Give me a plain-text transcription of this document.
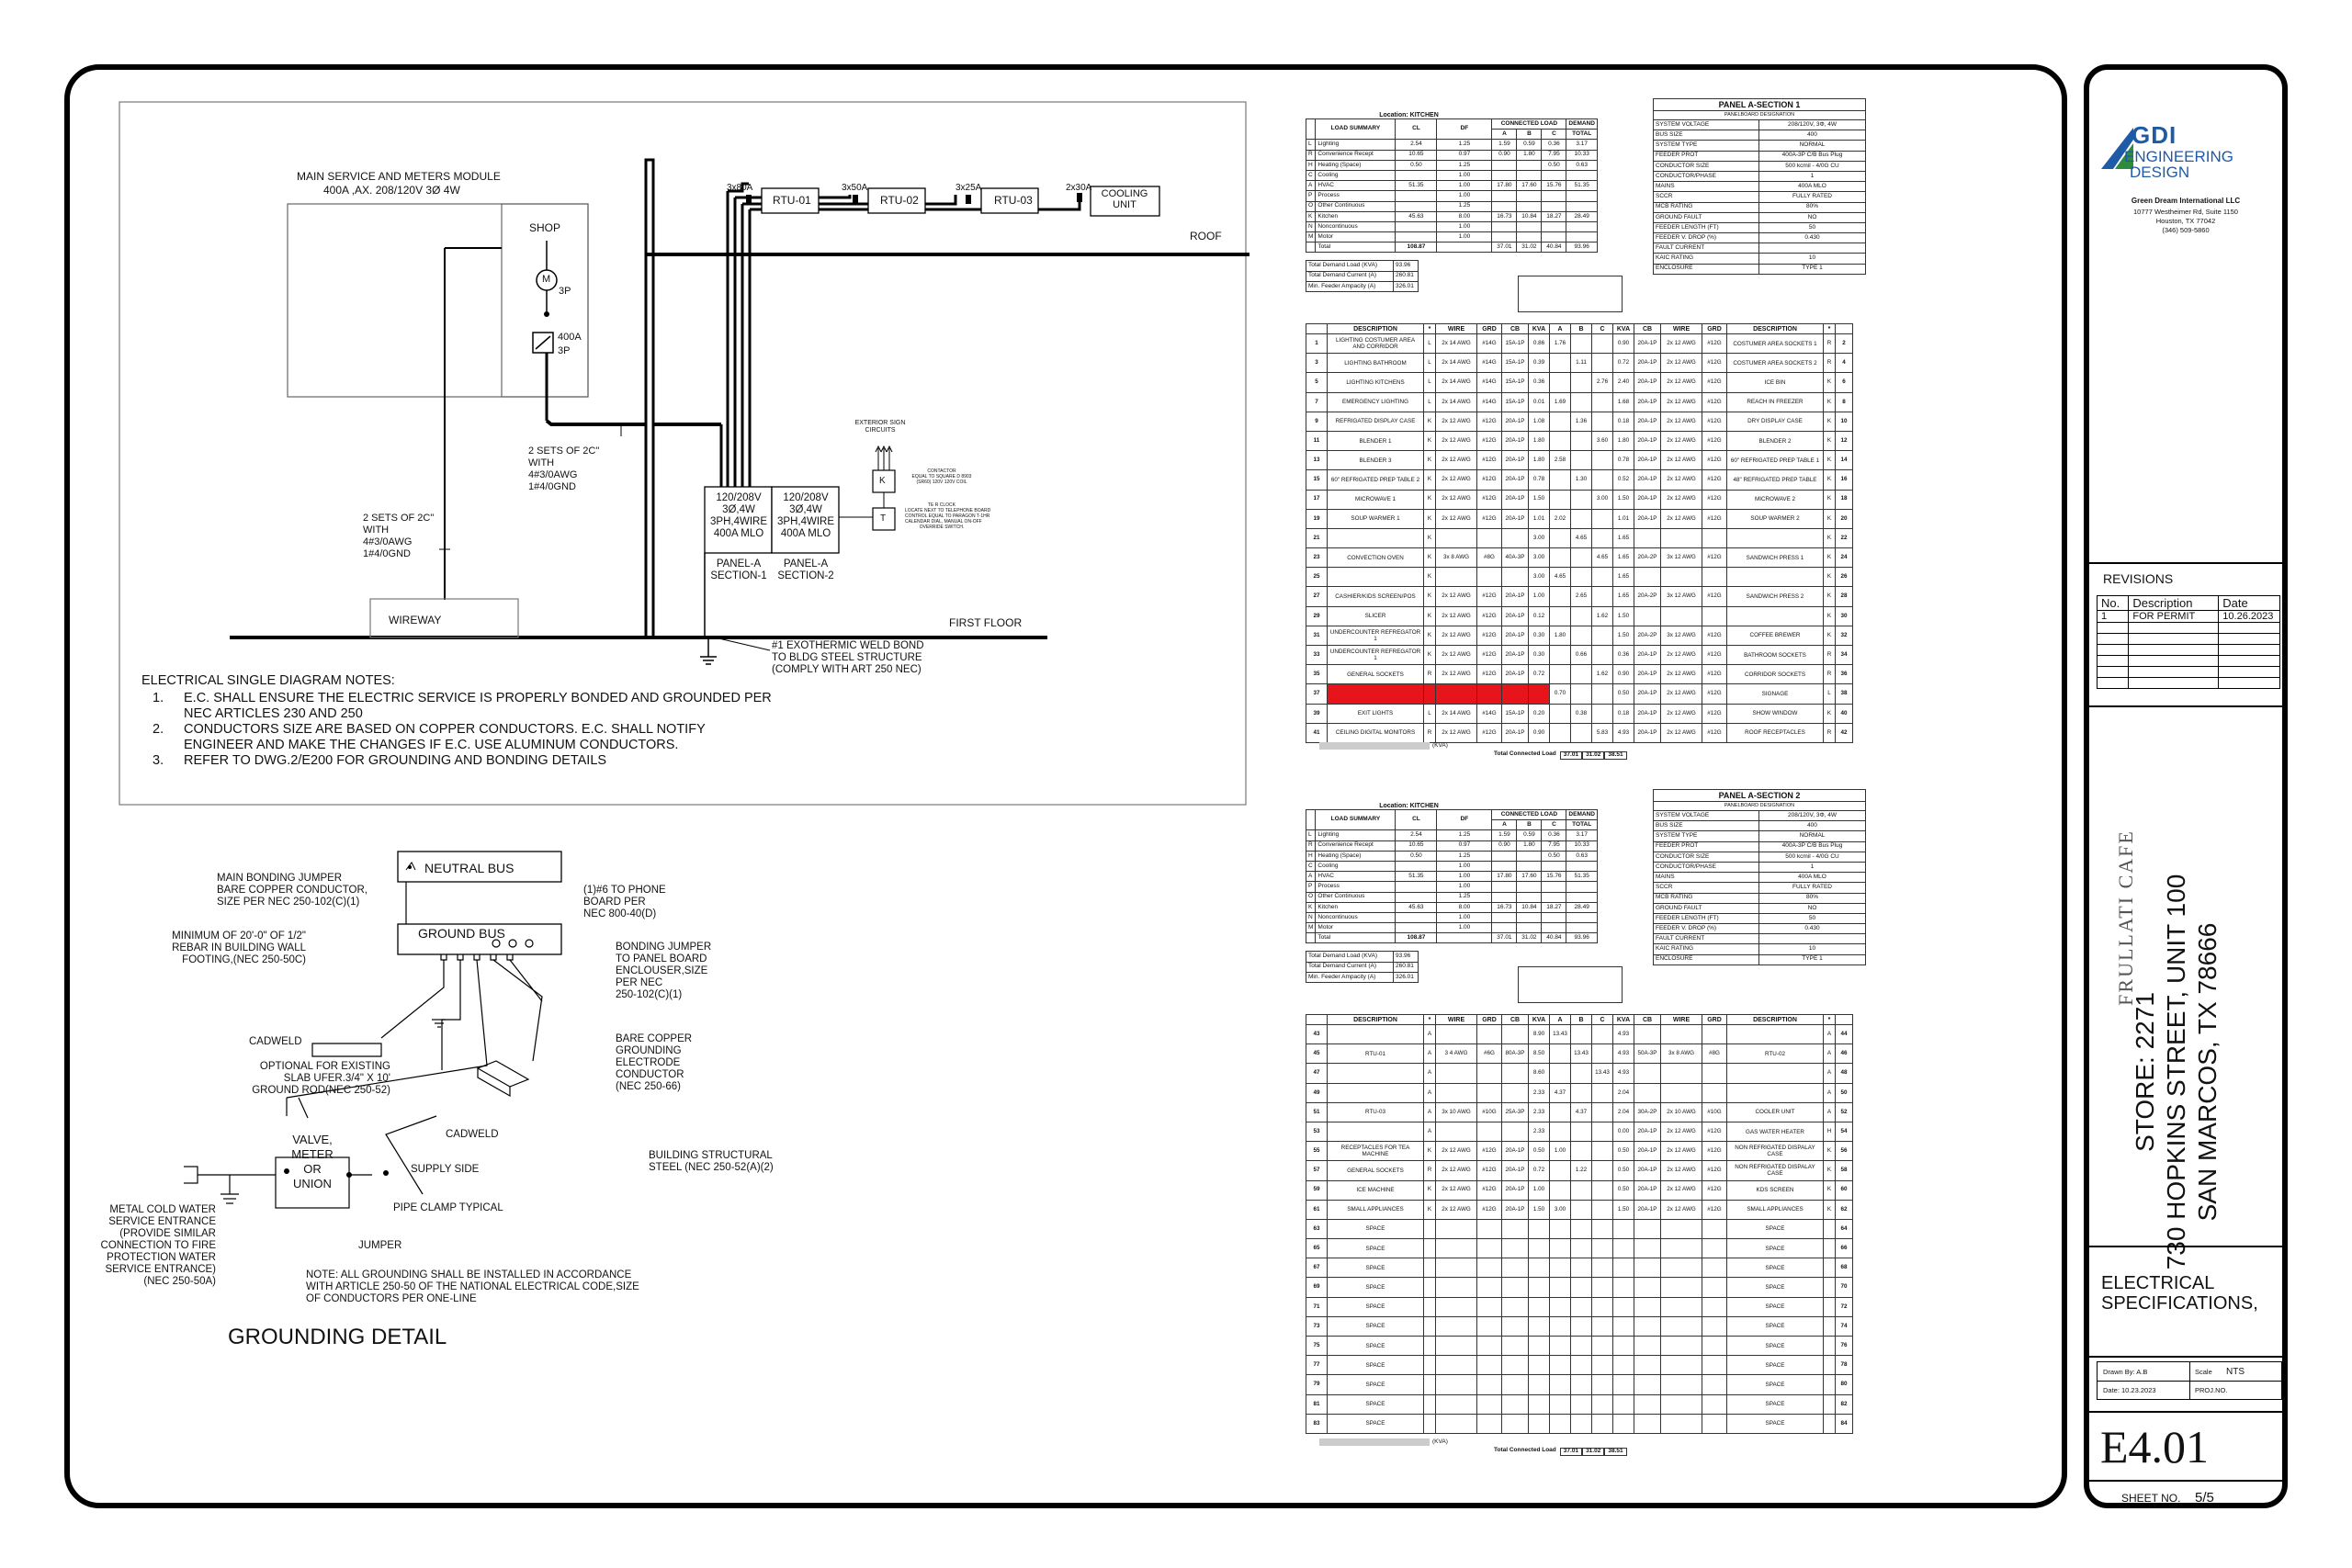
MAIN SERVICE AND METERS MODULE
400A ,AX. 208/120V 3Ø 4W
SHOP
M
3P
400A
3P
ROOF
FIRST FLOOR
WIREWAY
3x80A
RTU-01
3x50A
RTU-02
3x25A
RTU-03
2x30A
COOLING UNIT
2 SETS OF 2C"
WITH
4#3/0AWG
1#4/0GND
2 SETS OF 2C"
WITH
4#3/0AWG
1#4/0GND
120/208V
3Ø,4W
3PH,4WIRE
400A MLO
120/208V
3Ø,4W
3PH,4WIRE
400A MLO
PANEL-A
SECTION-1
PANEL-A
SECTION-2
EXTERIOR SIGN
CIRCUITS
K
T
CONTACTOR
EQUAL TO SQUARE D 8903
(SR60) 120V 120V COIL
TE R CLOCK
LOCATE NEXT TO TELEPHONE BOARD
CONTROL EQUAL TO PARAGON T-1HR
CALENDAR DIAL, MANUAL ON-OFF
OVERRIDE SWITCH.
#1 EXOTHERMIC WELD BOND
TO BLDG STEEL STRUCTURE
(COMPLY WITH ART 250 NEC)
ELECTRICAL SINGLE DIAGRAM NOTES:
1.	E.C. SHALL ENSURE THE ELECTRIC SERVICE IS PROPERLY BONDED AND GROUNDED PER
NEC ARTICLES 230 AND 250
2.	CONDUCTORS SIZE ARE BASED ON COPPER CONDUCTORS. E.C. SHALL NOTIFY
ENGINEER AND MAKE THE CHANGES IF E.C. USE ALUMINUM CONDUCTORS.
3.	REFER TO DWG.2/E200 FOR GROUNDING AND BONDING DETAILS
NEUTRAL BUS
GROUND BUS
MAIN BONDING JUMPER
BARE COPPER CONDUCTOR,
SIZE PER NEC 250-102(C)(1)
(1)#6 TO PHONE
BOARD PER
NEC 800-40(D)
MINIMUM OF 20'-0" OF 1/2"
REBAR IN BUILDING WALL
FOOTING,(NEC 250-50C)
BONDING JUMPER
TO PANEL BOARD
ENCLOUSER,SIZE
PER NEC
250-102(C)(1)
CADWELD
OPTIONAL FOR EXISTING
SLAB UFER.3/4" X 10'
GROUND ROD(NEC 250-52)
BARE COPPER
GROUNDING
ELECTRODE
CONDUCTOR
(NEC 250-66)
CADWELD
VALVE,
METER
OR
UNION
SUPPLY SIDE
BUILDING STRUCTURAL
STEEL (NEC 250-52(A)(2)
PIPE CLAMP TYPICAL
METAL COLD WATER
SERVICE ENTRANCE
(PROVIDE SIMILAR
CONNECTION TO FIRE
PROTECTION WATER
SERVICE ENTRANCE)
(NEC 250-50A)
JUMPER
NOTE: ALL GROUNDING SHALL BE INSTALLED IN ACCORDANCE
WITH ARTICLE 250-50 OF THE NATIONAL ELECTRICAL CODE,SIZE
OF CONDUCTORS PER ONE-LINE
GROUNDING DETAIL
Location: KITCHEN
	LOAD SUMMARY	CL	DF	CONNECTED LOAD			DEMAND
				A	B	C	TOTAL
L	Lighting	2.54	1.25	1.59	0.59	0.36	3.17
R	Convenience Recept	10.65	0.97	0.90	1.80	7.95	10.33
H	Heating (Space)	0.50	1.25			0.50	0.63
C	Cooling		1.00				
A	HVAC	51.35	1.00	17.80	17.60	15.76	51.35
P	Process		1.00				
O	Other Continuous		1.25				
K	Kitchen	45.63	8.00	16.73	10.84	18.27	28.49
N	Noncontinuous		1.00				
M	Motor		1.00				
	Total	108.87		37.01	31.02	40.84	93.96
Total Demand Load (KVA)	93.96
Total Demand Current (A)	260.81
Min. Feeder Ampacity (A)	326.01
PANEL A-SECTION 1	
PANELBOARD DESIGNATION	
SYSTEM VOLTAGE	208/120V, 3Φ, 4W
BUS SIZE	400
SYSTEM TYPE	NORMAL
FEEDER PROT	400A-3P C/B Bus Plug
CONDUCTOR SIZE	500 kcmil - 4/0G CU
CONDUCTOR/PHASE	1
MAINS	400A MLO
SCCR	FULLY RATED
MCB RATING	80%
GROUND FAULT	NO
FEEDER LENGTH (FT)	50
FEEDER V. DROP (%)	0.430
FAULT CURRENT	
KAIC RATING	10
ENCLOSURE	TYPE 1
	DESCRIPTION	*	WIRE	GRD	CB	KVA	A	B	C	KVA	CB	WIRE	GRD	DESCRIPTION	*	
1	LIGHTING COSTUMER AREA AND CORRIDOR	L	2x 14 AWG	#14G	15A-1P	0.86	1.76			0.90	20A-1P	2x 12 AWG	#12G	COSTUMER AREA SOCKETS 1	R	2
3	LIGHTING BATHROOM	L	2x 14 AWG	#14G	15A-1P	0.39		1.11		0.72	20A-1P	2x 12 AWG	#12G	COSTUMER AREA SOCKETS 2	R	4
5	LIGHTING KITCHENS	L	2x 14 AWG	#14G	15A-1P	0.36			2.76	2.40	20A-1P	2x 12 AWG	#12G	ICE BIN	K	6
7	EMERGENCY LIGHTING	L	2x 14 AWG	#14G	15A-1P	0.01	1.69			1.68	20A-1P	2x 12 AWG	#12G	REACH IN FREEZER	K	8
9	REFRIGATED DISPLAY CASE	K	2x 12 AWG	#12G	20A-1P	1.08		1.36		0.18	20A-1P	2x 12 AWG	#12G	DRY DISPLAY CASE	K	10
11	BLENDER 1	K	2x 12 AWG	#12G	20A-1P	1.80			3.60	1.80	20A-1P	2x 12 AWG	#12G	BLENDER 2	K	12
13	BLENDER 3	K	2x 12 AWG	#12G	20A-1P	1.80	2.58			0.78	20A-1P	2x 12 AWG	#12G	60" REFRIGATED PREP TABLE 1	K	14
15	60" REFRIGATED PREP TABLE 2	K	2x 12 AWG	#12G	20A-1P	0.78		1.30		0.52	20A-1P	2x 12 AWG	#12G	48" REFRIGATED PREP TABLE	K	16
17	MICROWAVE 1	K	2x 12 AWG	#12G	20A-1P	1.50			3.00	1.50	20A-1P	2x 12 AWG	#12G	MICROWAVE 2	K	18
19	SOUP WARMER 1	K	2x 12 AWG	#12G	20A-1P	1.01	2.02			1.01	20A-1P	2x 12 AWG	#12G	SOUP WARMER 2	K	20
21		K				3.00		4.65		1.65					K	22
23	CONVECTION OVEN	K	3x 8 AWG	#8G	40A-3P	3.00			4.65	1.65	20A-2P	3x 12 AWG	#12G	SANDWICH PRESS 1	K	24
25		K				3.00	4.65			1.65					K	26
27	CASHIER/KIDS SCREEN/POS	K	2x 12 AWG	#12G	20A-1P	1.00		2.65		1.65	20A-2P	3x 12 AWG	#12G	SANDWICH PRESS 2	K	28
29	SLICER	K	2x 12 AWG	#12G	20A-1P	0.12			1.62	1.50					K	30
31	UNDERCOUNTER REFREGATOR 1	K	2x 12 AWG	#12G	20A-1P	0.30	1.80			1.50	20A-2P	3x 12 AWG	#12G	COFFEE BREWER	K	32
33	UNDERCOUNTER REFREGATOR 1	K	2x 12 AWG	#12G	20A-1P	0.30		0.66		0.36	20A-1P	2x 12 AWG	#12G	BATHROOM SOCKETS	R	34
35	GENERAL SOCKETS	R	2x 12 AWG	#12G	20A-1P	0.72			1.62	0.90	20A-1P	2x 12 AWG	#12G	CORRIDOR SOCKETS	R	36
37	FIRE ALARM		2x 12 AWG	#12G	20A-1P	0.20	0.70			0.50	20A-1P	2x 12 AWG	#12G	SIGNAGE	L	38
39	EXIT LIGHTS	L	2x 14 AWG	#14G	15A-1P	0.20		0.38		0.18	20A-1P	2x 12 AWG	#12G	SHOW WINDOW	K	40
41	CEILING DIGITAL MONITORS	R	2x 12 AWG	#12G	20A-1P	0.90			5.83	4.93	20A-1P	2x 12 AWG	#12G	ROOF RECEPTACLES	R	42
(KVA)
Total Connected Load	37.01	31.02	38.51
Location: KITCHEN
	LOAD SUMMARY	CL	DF	CONNECTED LOAD			DEMAND
				A	B	C	TOTAL
L	Lighting	2.54	1.25	1.59	0.59	0.36	3.17
R	Convenience Recept	10.65	0.97	0.90	1.80	7.95	10.33
H	Heating (Space)	0.50	1.25			0.50	0.63
C	Cooling		1.00				
A	HVAC	51.35	1.00	17.80	17.60	15.76	51.35
P	Process		1.00				
O	Other Continuous		1.25				
K	Kitchen	45.63	8.00	16.73	10.84	18.27	28.49
N	Noncontinuous		1.00				
M	Motor		1.00				
	Total	108.87		37.01	31.02	40.84	93.96
Total Demand Load (KVA)	93.96
Total Demand Current (A)	260.81
Min. Feeder Ampacity (A)	326.01
PANEL A-SECTION 2	
PANELBOARD DESIGNATION	
SYSTEM VOLTAGE	208/120V, 3Φ, 4W
BUS SIZE	400
SYSTEM TYPE	NORMAL
FEEDER PROT	400A-3P C/B Bus Plug
CONDUCTOR SIZE	500 kcmil - 4/0G CU
CONDUCTOR/PHASE	1
MAINS	400A MLO
SCCR	FULLY RATED
MCB RATING	80%
GROUND FAULT	NO
FEEDER LENGTH (FT)	50
FEEDER V. DROP (%)	0.430
FAULT CURRENT	
KAIC RATING	10
ENCLOSURE	TYPE 1
	DESCRIPTION	*	WIRE	GRD	CB	KVA	A	B	C	KVA	CB	WIRE	GRD	DESCRIPTION	*	
43		A				8.90	13.43			4.93					A	44
45	RTU-01	A	3 4 AWG	#6G	80A-3P	8.50		13.43		4.93	50A-3P	3x 8 AWG	#8G	RTU-02	A	46
47		A				8.60			13.43	4.93					A	48
49		A				2.33	4.37			2.04					A	50
51	RTU-03	A	3x 10 AWG	#10G	25A-3P	2.33		4.37		2.04	30A-2P	2x 10 AWG	#10G	COOLER UNIT	A	52
53		A				2.33				0.00	20A-1P	2x 12 AWG	#12G	GAS WATER HEATER	H	54
55	RECEPTACLES FOR TEA MACHINE	K	2x 12 AWG	#12G	20A-1P	0.50	1.00			0.50	20A-1P	2x 12 AWG	#12G	NON REFRIGATED DISPALAY CASE	K	56
57	GENERAL SOCKETS	R	2x 12 AWG	#12G	20A-1P	0.72		1.22		0.50	20A-1P	2x 12 AWG	#12G	NON REFRIGATED DISPALAY CASE	K	58
59	ICE MACHINE	K	2x 12 AWG	#12G	20A-1P	1.00				0.50	20A-1P	2x 12 AWG	#12G	KDS SCREEN	K	60
61	SMALL APPLIANCES	K	2x 12 AWG	#12G	20A-1P	1.50	3.00			1.50	20A-1P	2x 12 AWG	#12G	SMALL APPLIANCES	K	62
63	SPACE													SPACE		64
65	SPACE													SPACE		66
67	SPACE													SPACE		68
69	SPACE													SPACE		70
71	SPACE													SPACE		72
73	SPACE													SPACE		74
75	SPACE													SPACE		76
77	SPACE													SPACE		78
79	SPACE													SPACE		80
81	SPACE													SPACE		82
83	SPACE													SPACE		84
(KVA)
Total Connected Load	37.01	31.02	38.51
GDI
ENGINEERING
DESIGN
Green Dream International LLC
10777 Westheimer Rd, Suite 1150
Houston, TX 77042
(346) 509-5860
REVISIONS
No.	Description	Date
1	FOR PERMIT	10.26.2023

FRULLATI CAFE
STORE: 2271 730 HOPKINS STREET, UNIT 100 SAN MARCOS, TX 78666
ELECTRICAL
SPECIFICATIONS,
Drawn By: A.B	Scale NTS
Date: 10.23.2023	PROJ.NO.
E4.01
SHEET NO. 5/5
